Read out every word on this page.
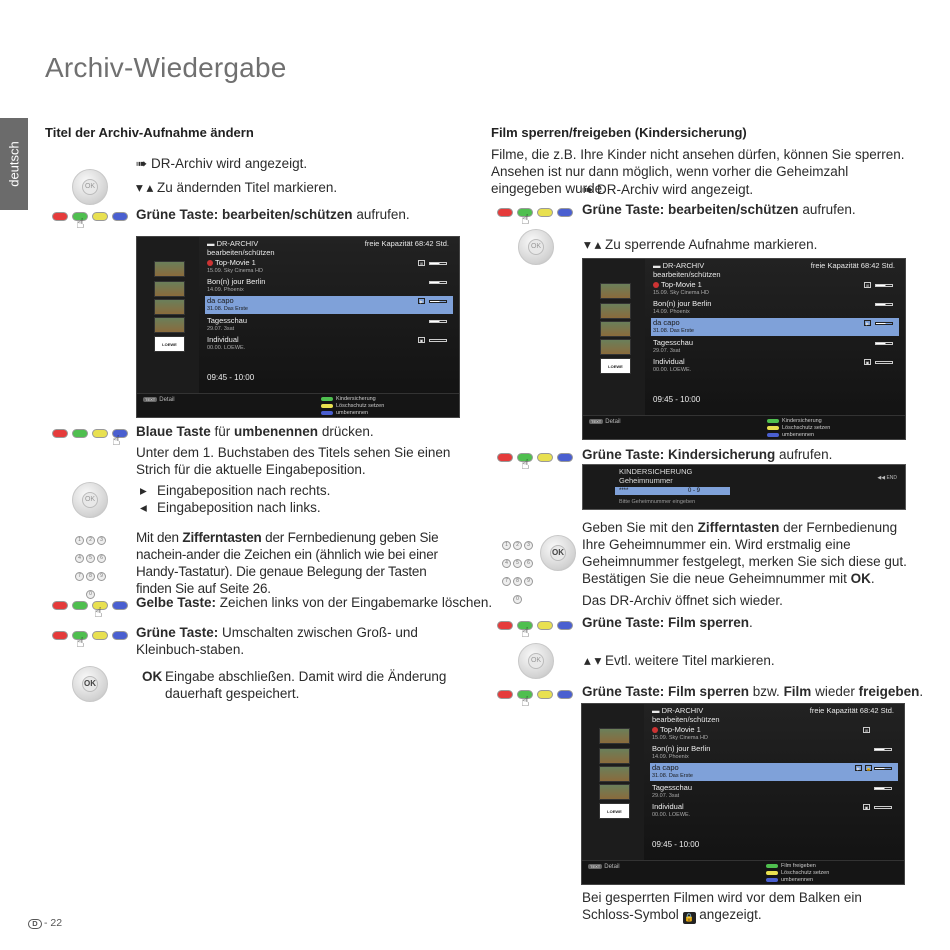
deutsch
Archiv-Wiedergabe
Titel der Archiv-Aufnahme ändern
OK
➠ DR-Archiv wird angezeigt.
▾ ▴ Zu ändernden Titel markieren.
☝
Grüne Taste: bearbeiten/schützen aufrufen.
LOEWE
▬ DR-ARCHIV
bearbeiten/schützen
freie Kapazität 68:42 Std.
Top-Movie 1
15.09. Sky Cinema HD
⊞
Bon(n) jour Berlin
14.09. Phoenix
da capo
31.08. Das Erste
▶
Tagesschau
29.07. 3sat
Individual
00.00. LOEWE.
▣
09:45 - 10:00
TEXT Detail	Kindersicherung
Löschschutz setzen
umbenennen
☝
Blaue Taste für umbenennen drücken.
Unter dem 1. Buchstaben des Titels sehen Sie einen Strich für die aktuelle Eingabeposition.
OK
▸ Eingabeposition nach rechts.
◂ Eingabeposition nach links.
1 2 34 5 67 8 90
Mit den Zifferntasten der Fernbedienung geben Sie nachein-ander die Zeichen ein (ähnlich wie bei einer Handy-Tastatur). Die genaue Belegung der Tasten finden Sie auf Seite 26.
☝
Gelbe Taste: Zeichen links von der Eingabemarke löschen.
☝
Grüne Taste: Umschalten zwischen Groß- und Kleinbuch-staben.
OK	OK Eingabe abschließen. Damit wird die Änderung dauerhaft gespeichert.
Film sperren/freigeben (Kindersicherung)
Filme, die z.B. Ihre Kinder nicht ansehen dürfen, können Sie sperren. Ansehen ist nur dann möglich, wenn vorher die Geheimzahl eingegeben wurde.
➠ DR-Archiv wird angezeigt.
☝
Grüne Taste: bearbeiten/schützen aufrufen.
OK	▾ ▴ Zu sperrende Aufnahme markieren.
LOEWE
▬ DR-ARCHIV
bearbeiten/schützen
freie Kapazität 68:42 Std.
Top-Movie 1
15.09. Sky Cinema HD
⊞
Bon(n) jour Berlin
14.09. Phoenix
da capo
31.08. Das Erste
▶
Tagesschau
29.07. 3sat
Individual
00.00. LOEWE.
▣
09:45 - 10:00
TEXT Detail	Kindersicherung
Löschschutz setzen
umbenennen
☝
Grüne Taste: Kindersicherung aufrufen.
KINDERSICHERUNG
Geheimnummer	◀◀ END
****	0 - 9
Bitte Geheimnummer eingeben
1 2 34 5 67 8 90
OK
Geben Sie mit den Zifferntasten der Fernbedienung Ihre Geheimnummer ein. Wird erstmalig eine Geheimnummer festgelegt, merken Sie sich diese gut. Bestätigen Sie die neue Geheimnummer mit OK.
Das DR-Archiv öffnet sich wieder.
☝
Grüne Taste: Film sperren.
OK	▴ ▾ Evtl. weitere Titel markieren.
☝
Grüne Taste: Film sperren bzw. Film wieder freigeben.
LOEWE
▬ DR-ARCHIV
bearbeiten/schützen
freie Kapazität 68:42 Std.
Top-Movie 1
15.09. Sky Cinema HD
⊞
Bon(n) jour Berlin
14.09. Phoenix
da capo
31.08. Das Erste
▶	🔒
Tagesschau
29.07. 3sat
Individual
00.00. LOEWE.
▣
09:45 - 10:00
TEXT Detail	Film freigeben
Löschschutz setzen
umbenennen
Bei gesperrten Filmen wird vor dem Balken ein Schloss-Symbol 🔒 angezeigt.
D - 22
